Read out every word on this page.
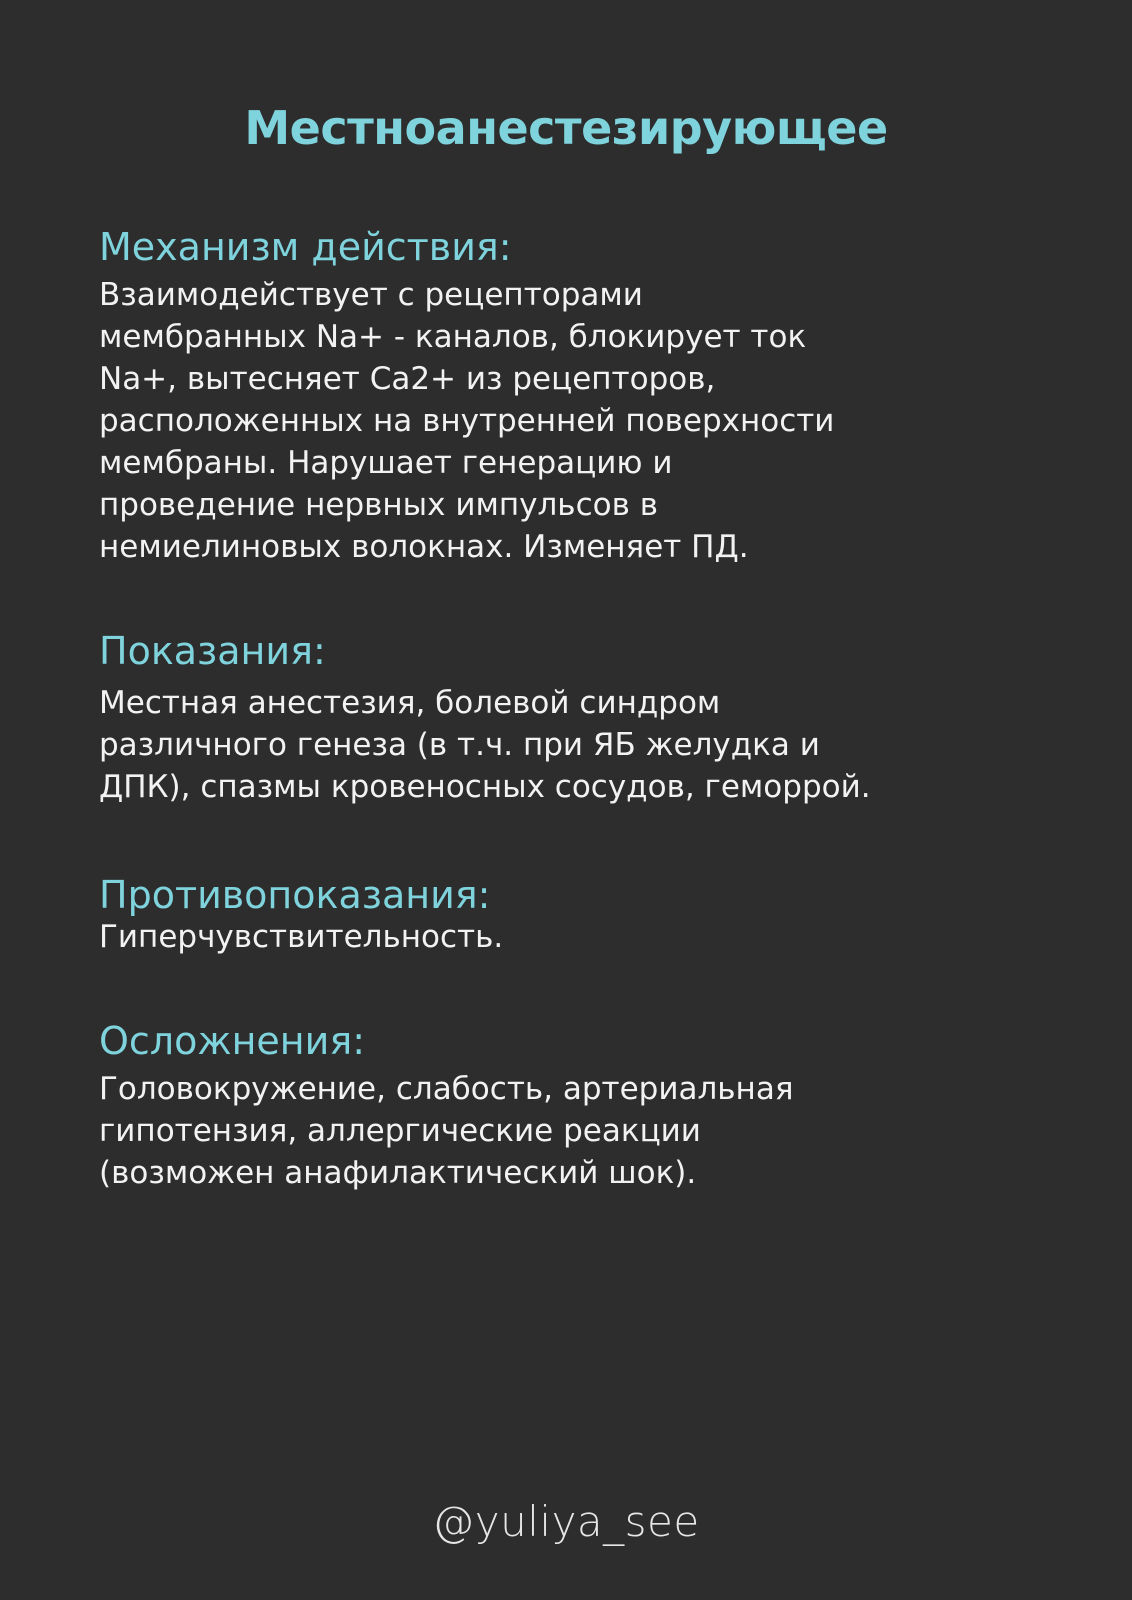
Местноанестезирующее
Механизм действия:

Взаимодействует с рецепторами
мембранных Na+ - каналов, блокирует ток
Na+, вытесняет Ca2+ из рецепторов,
расположенных на внутренней поверхности
мембраны. Нарушает генерацию и
проведение нервных импульсов в
немиелиновых волокнах. Изменяет ПД.

Показания:

Местная анестезия, болевой синдром
различного генеза (в т.ч. при ЯБ желудка и
ДПК), спазмы кровеносных сосудов, геморрой.

Противопоказания:

Гиперчувствительность.

Осложнения:

Головокружение, слабость, артериальная
гипотензия, аллергические реакции
(возможен анафилактический шок).

@yuliya_see
